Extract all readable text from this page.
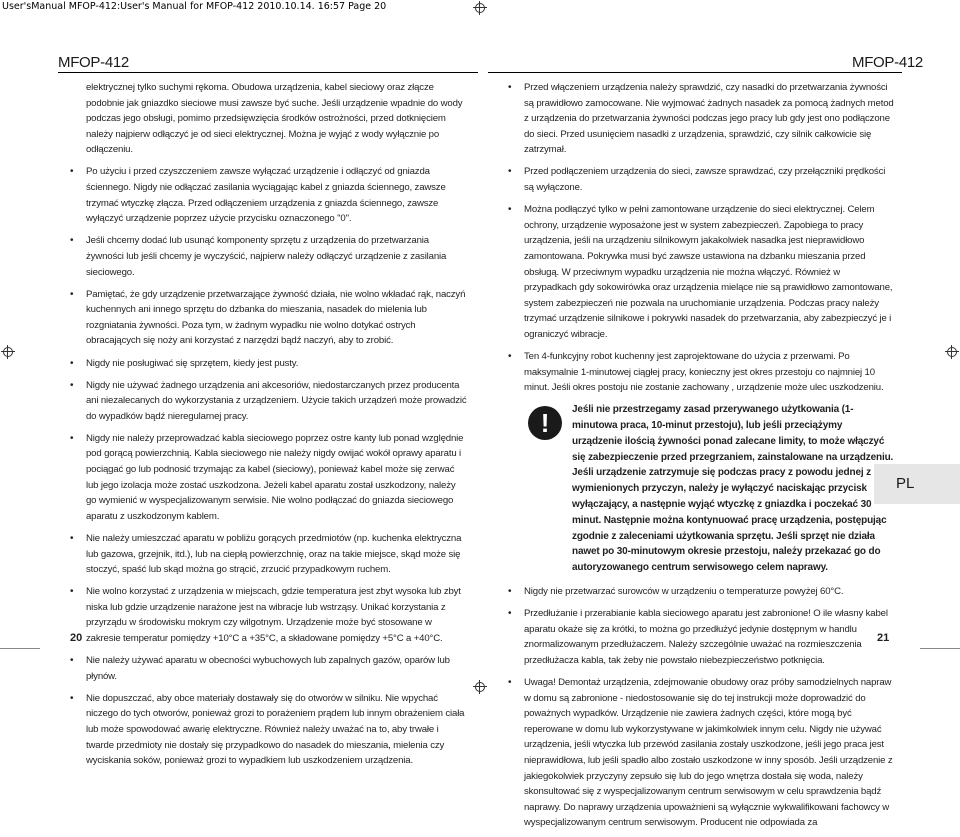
User'sManual MFOP-412:User's Manual for MFOP-412 2010.10.14. 16:57 Page 20
MFOP-412	MFOP-412

elektrycznej tylko suchymi rękoma. Obudowa urządzenia, kabel sieciowy oraz złącze podobnie jak gniazdko sieciowe musi zawsze być suche. Jeśli urządzenie wpadnie do wody podczas jego obsługi, pomimo przedsięwzięcia środków ostrożności, przed dotknięciem należy najpierw odłączyć je od sieci elektrycznej. Można je wyjąć z wody wyłącznie po odłączeniu.

• Po użyciu i przed czyszczeniem zawsze wyłączać urządzenie i odłączyć od gniazda ściennego. Nigdy nie odłączać zasilania wyciągając kabel z gniazda ściennego, zawsze trzymać wtyczkę złącza. Przed odłączeniem urządzenia z gniazda ściennego, zawsze wyłączyć urządzenie poprzez użycie przycisku oznaczonego "0".

• Jeśli chcemy dodać lub usunąć komponenty sprzętu z urządzenia do przetwarzania żywności lub jeśli chcemy je wyczyścić, najpierw należy odłączyć urządzenie z zasilania sieciowego.

• Pamiętać, że gdy urządzenie przetwarzające żywność działa, nie wolno wkładać rąk, naczyń kuchennych ani innego sprzętu do dzbanka do mieszania, nasadek do mielenia lub rozgniatania żywności. Poza tym, w żadnym wypadku nie wolno dotykać ostrych obracających się noży ani korzystać z narzędzi bądź naczyń, aby to zrobić.

• Nigdy nie posługiwać się sprzętem, kiedy jest pusty.

• Nigdy nie używać żadnego urządzenia ani akcesoriów, niedostarczanych przez producenta ani niezalecanych do wykorzystania z urządzeniem. Użycie takich urządzeń może prowadzić do wypadków bądź nieregularnej pracy.

• Nigdy nie należy przeprowadzać kabla sieciowego poprzez ostre kanty lub ponad względnie pod gorącą powierzchnią. Kabla sieciowego nie należy nigdy owijać wokół oprawy aparatu i pociągać go lub podnosić trzymając za kabel (sieciowy), ponieważ kabel może się zerwać lub jego izolacja może zostać uszkodzona. Jeżeli kabel aparatu został uszkodzony, należy go wymienić w wyspecjalizowanym serwisie. Nie wolno podłączać do gniazda sieciowego aparatu z uszkodzonym kablem.

• Nie należy umieszczać aparatu w pobliżu gorących przedmiotów (np. kuchenka elektryczna lub gazowa, grzejnik, itd.), lub na ciepłą powierzchnię, oraz na takie miejsce, skąd może się stoczyć, spaść lub skąd można go strącić, zrzucić przypadkowym ruchem.

• Nie wolno korzystać z urządzenia w miejscach, gdzie temperatura jest zbyt wysoka lub zbyt niska lub gdzie urządzenie narażone jest na wibracje lub wstrząsy. Unikać korzystania z przyrządu w środowisku mokrym czy wilgotnym. Urządzenie może być stosowane w zakresie temperatur pomiędzy +10°C a +35°C, a składowane pomiędzy +5°C a +40°C.

• Nie należy używać aparatu w obecności wybuchowych lub zapalnych gazów, oparów lub płynów.

• Nie dopuszczać, aby obce materiały dostawały się do otworów w silniku. Nie wpychać niczego do tych otworów, ponieważ grozi to porażeniem prądem lub innym obrażeniem ciała lub może spowodować awarię elektryczne. Również należy uważać na to, aby trwałe i twarde przedmioty nie dostały się przypadkowo do nasadek do mieszania, mielenia czy wyciskania soków, ponieważ grozi to wypadkiem lub uszkodzeniem urządzenia.

• Przed włączeniem urządzenia należy sprawdzić, czy nasadki do przetwarzania żywności są prawidłowo zamocowane. Nie wyjmować żadnych nasadek za pomocą żadnych metod z urządzenia do przetwarzania żywności podczas jego pracy lub gdy jest ono podłączone do sieci. Przed usunięciem nasadki z urządzenia, sprawdzić, czy silnik całkowicie się zatrzymał.

• Przed podłączeniem urządzenia do sieci, zawsze sprawdzać, czy przełączniki prędkości są wyłączone.

• Można podłączyć tylko w pełni zamontowane urządzenie do sieci elektrycznej. Celem ochrony, urządzenie wyposażone jest w system zabezpieczeń. Zapobiega to pracy urządzenia, jeśli na urządzeniu silnikowym jakakolwiek nasadka jest nieprawidłowo zamontowana. Pokrywka musi być zawsze ustawiona na dzbanku mieszania przed obsługą. W przeciwnym wypadku urządzenia nie można włączyć. Również w przypadkach gdy sokowirówka oraz urządzenia mielące nie są prawidłowo zamontowane, system zabezpieczeń nie pozwala na uruchomianie urządzenia. Podczas pracy należy trzymać urządzenie silnikowe i pokrywki nasadek do przetwarzania, aby zabezpieczyć je i ograniczyć wibracje.

• Ten 4-funkcyjny robot kuchenny jest zaprojektowane do użycia z przerwami. Po maksymalnie 1-minutowej ciągłej pracy, konieczny jest okres przestoju co najmniej 10 minut. Jeśli okres postoju nie zostanie zachowany , urządzenie może ulec uszkodzeniu.

!	Jeśli nie przestrzegamy zasad przerywanego użytkowania (1-minutowa praca, 10-minut przestoju), lub jeśli przeciążymy urządzenie ilością żywności ponad zalecane limity, to może włączyć się zabezpieczenie przed przegrzaniem, zainstalowane na urządzeniu. Jeśli urządzenie zatrzymuje się podczas pracy z powodu jednej z wymienionych przyczyn, należy je wyłączyć naciskając przycisk wyłączający, a następnie wyjąć wtyczkę z gniazdka i poczekać 30 minut. Następnie można kontynuować pracę urządzenia, postępując zgodnie z zaleceniami użytkowania sprzętu. Jeśli sprzęt nie działa nawet po 30-minutowym okresie przestoju, należy przekazać go do autoryzowanego centrum serwisowego celem naprawy.

• Nigdy nie przetwarzać surowców w urządzeniu o temperaturze powyżej 60°C.

• Przedłużanie i przerabianie kabla sieciowego aparatu jest zabronione! O ile własny kabel aparatu okaże się za krótki, to można go przedłużyć jedynie dostępnym w handlu znormalizowanym przedłużaczem. Należy szczególnie uważać na rozmieszczenia przedłużacza kabla, tak żeby nie powstało niebezpieczeństwo potknięcia.

• Uwaga! Demontaż urządzenia, zdejmowanie obudowy oraz próby samodzielnych napraw w domu są zabronione - niedostosowanie się do tej instrukcji może doprowadzić do poważnych wypadków. Urządzenie nie zawiera żadnych części, które mogą być reperowane w domu lub wykorzystywane w jakimkolwiek innym celu. Nigdy nie używać urządzenia, jeśli wtyczka lub przewód zasilania zostały uszkodzone, jeśli jego praca jest nieprawidłowa, lub jeśli spadło albo zostało uszkodzone w inny sposób. Jeśli urządzenie z jakiegokolwiek przyczyny zepsuło się lub do jego wnętrza dostała się woda, należy skonsultować się z wyspecjalizowanym centrum serwisowym w celu sprawdzenia bądź naprawy. Do naprawy urządzenia upoważnieni są wyłącznie wykwalifikowani fachowcy w wyspecjalizowanym centrum serwisowym. Producent nie odpowiada za

PL
20	21
